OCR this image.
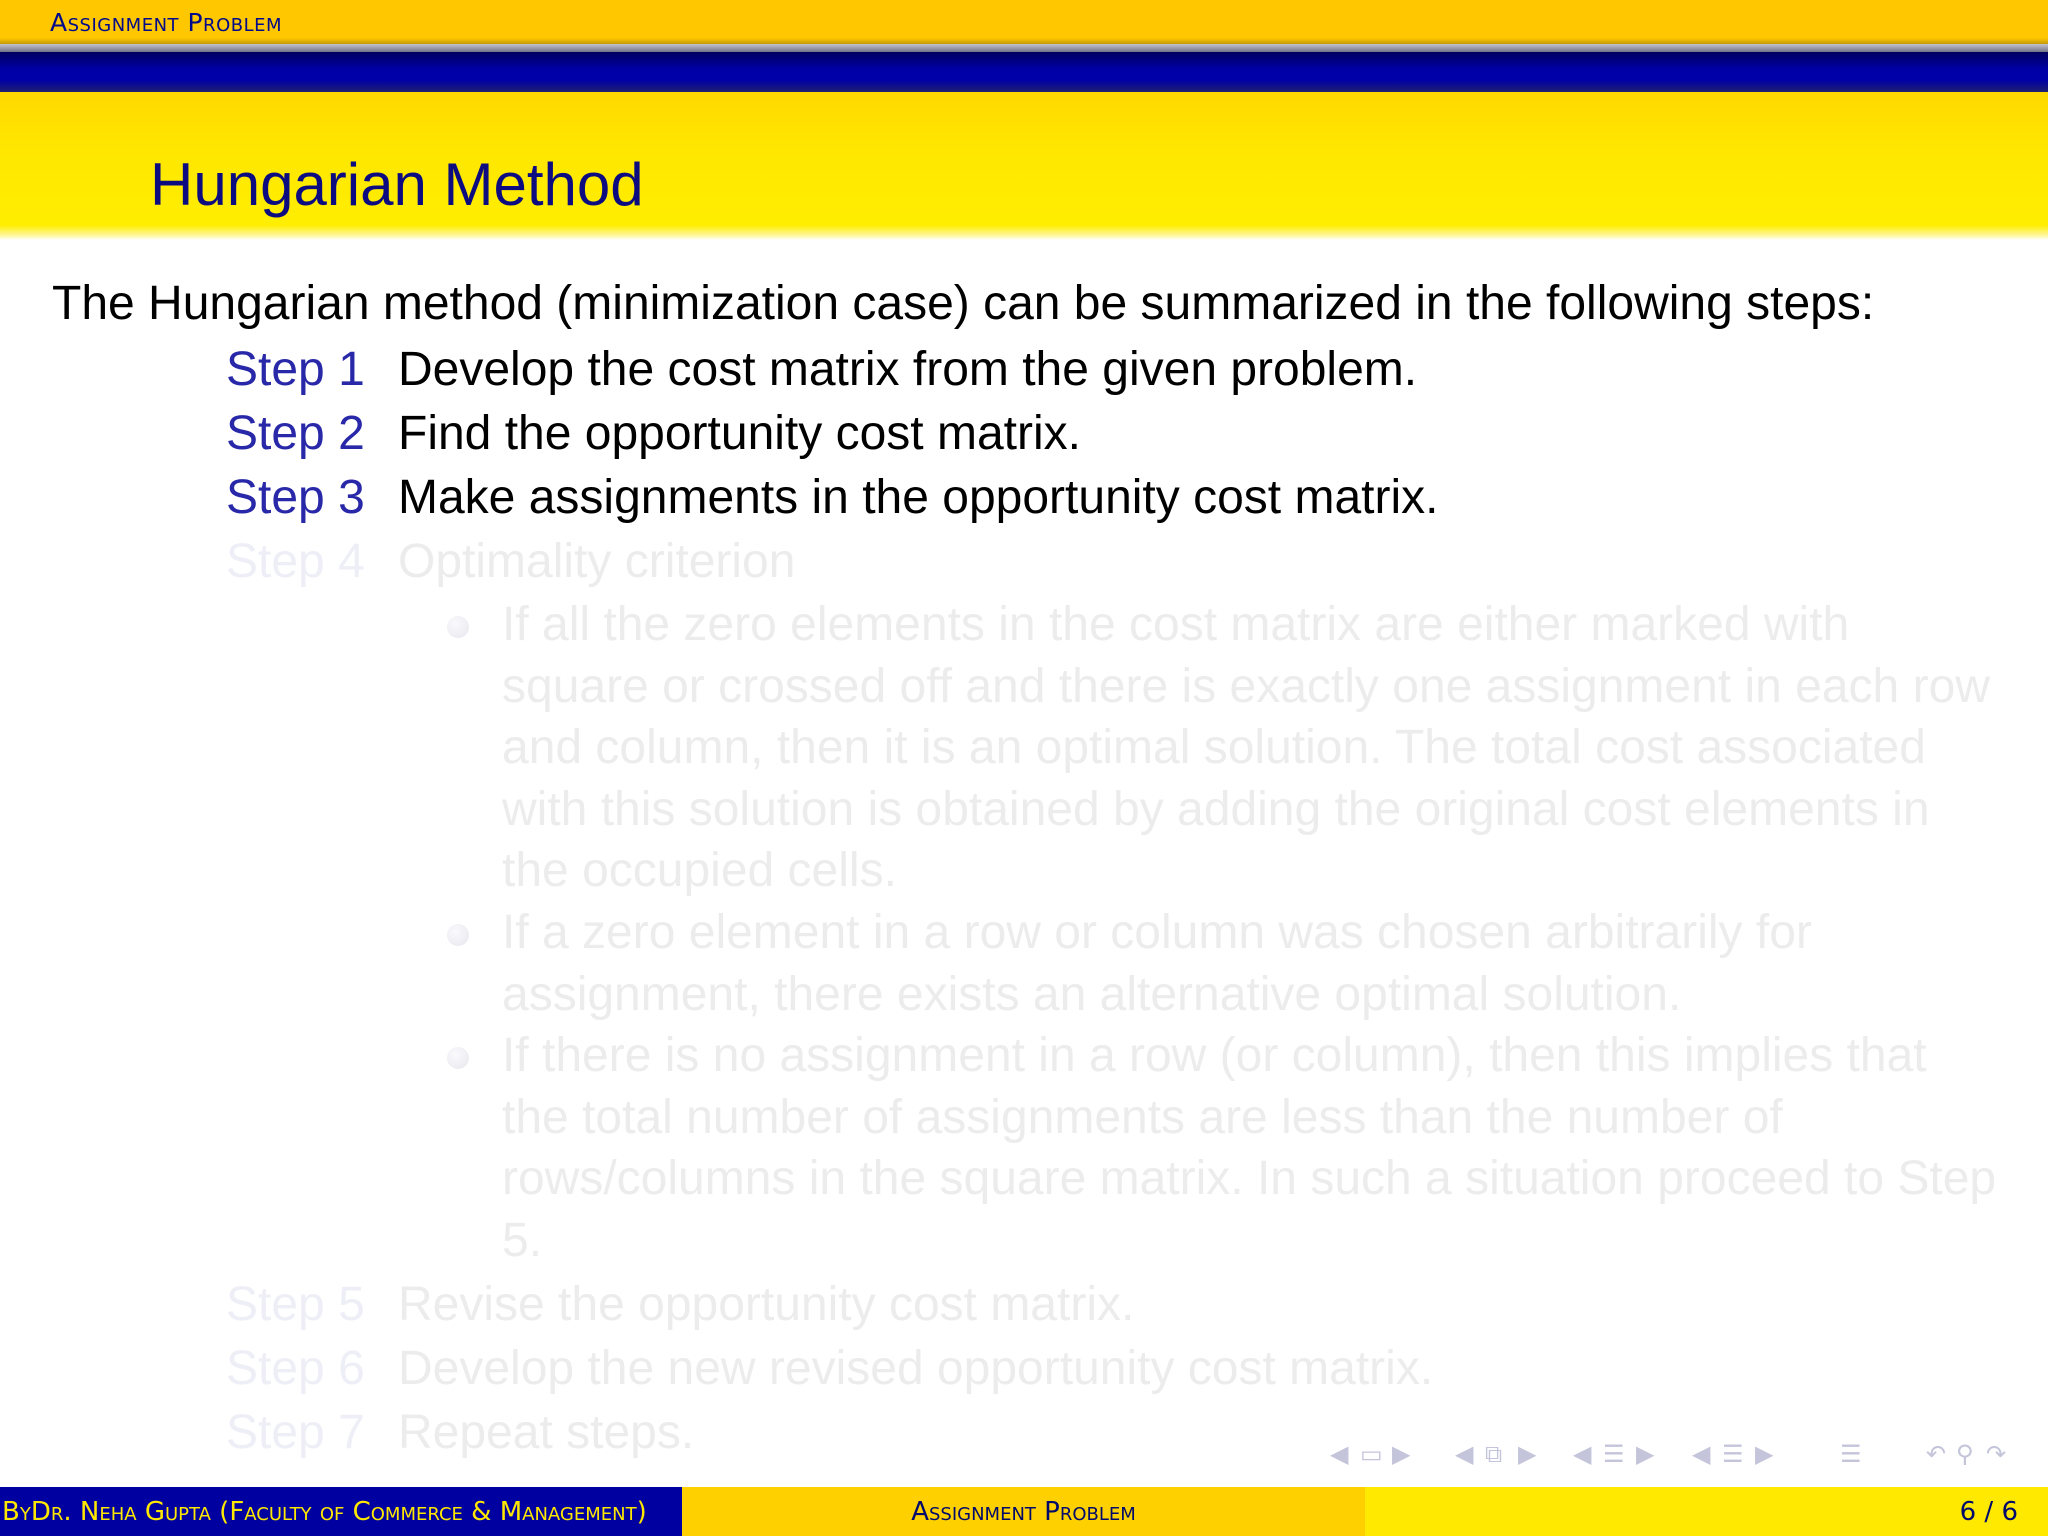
Assignment Problem
Hungarian Method
The Hungarian method (minimization case) can be summarized in the following steps:
Step 1 Develop the cost matrix from the given problem.
Step 2 Find the opportunity cost matrix.
Step 3 Make assignments in the opportunity cost matrix.
Step 4 Optimality criterion
If all the zero elements in the cost matrix are either marked with square or crossed off and there is exactly one assignment in each row and column, then it is an optimal solution. The total cost associated with this solution is obtained by adding the original cost elements in the occupied cells.
If a zero element in a row or column was chosen arbitrarily for assignment, there exists an alternative optimal solution.
If there is no assignment in a row (or column), then this implies that the total number of assignments are less than the number of rows/columns in the square matrix. In such a situation proceed to Step 5.
Step 5 Revise the opportunity cost matrix.
Step 6 Develop the new revised opportunity cost matrix.
Step 7 Repeat steps.	◀ ▭ ▶ ◀ ⧉ ▶ ◀ ☰ ▶ ◀ ☰ ▶	☰	↶ ⚲ ↷
ByDr. Neha Gupta (Faculty of Commerce & Management)	Assignment Problem	6 / 6
